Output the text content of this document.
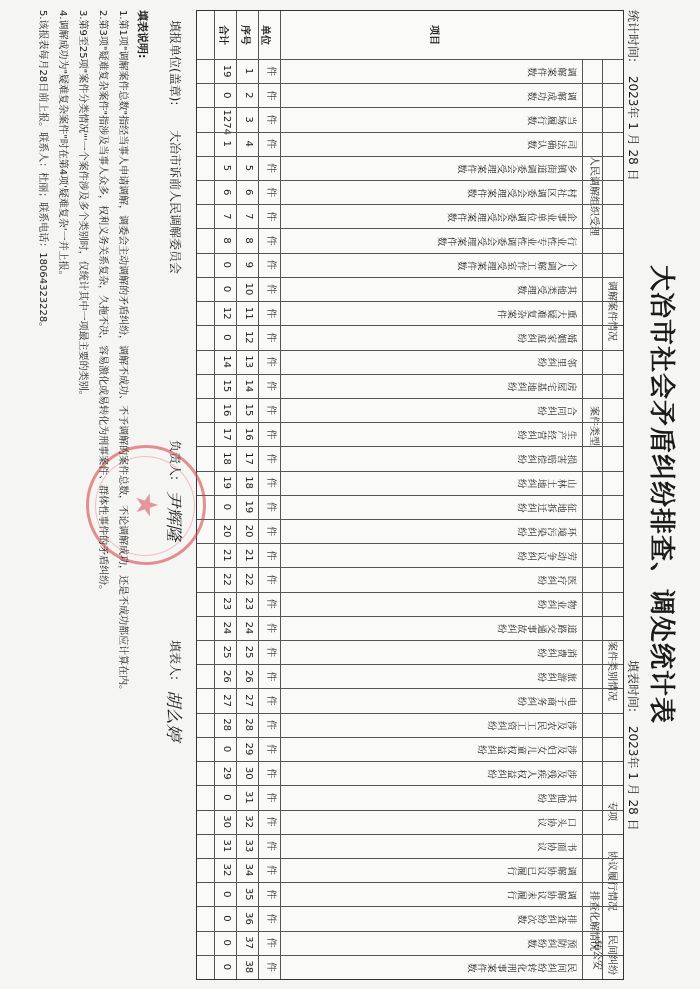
大冶市社会矛盾纠纷排查、调处统计表
统计时间: 2023年 1 月 28 日
填表时间: 2023年 1 月 28 日
调解案件情况
人民调解组织受理
案件类型
案件类别情况
专项
协议履行情况
排查化解情况
民间纠纷转公安
项目
单位
序号
合计
调解案件数
件
1
19
调解成功数
件
2
0
当场履行数
件
3
1274
司法确认数
件
4
1
乡镇街道调委会受理案件数
件
5
5
村社区调委会受理案件数
件
6
6
企事业单位调委会受理案件数
件
7
7
行业性专业性调委会受理案件数
件
8
8
个人调解工作室受理案件数
件
9
0
其他类受理数
件
10
0
重大疑难复杂案件
件
11
12
婚姻家庭纠纷
件
12
0
邻里纠纷
件
13
14
房屋宅基地纠纷
件
14
15
合同纠纷
件
15
16
生产经营纠纷
件
16
17
损害赔偿纠纷
件
17
18
山林土地纠纷
件
18
19
征地拆迁纠纷
件
19
0
环境污染纠纷
件
20
20
劳动争议纠纷
件
21
21
医疗纠纷
件
22
22
物业纠纷
件
23
23
道路交通事故纠纷
件
24
24
消费纠纷
件
25
25
旅游纠纷
件
26
26
电子商务纠纷
件
27
27
涉及农民工工资纠纷
件
28
28
涉及妇女儿童权益纠纷
件
29
0
涉及残疾人权益纠纷
件
30
29
其他纠纷
件
31
0
口头协议
件
32
30
书面协议
件
33
31
调解协议已履行
件
34
32
调解协议未履行
件
35
0
排查纠纷次数
件
36
0
预防纠纷数
件
37
0
民间纠纷转化刑事案件数
件
38
0
填报单位(盖章):
大冶市诉前人民调解委员会
负责人:
尹辉隆
填表人:
胡么婷
★
填表说明:
1.第1项"调解案件总数"指经当事人申请调解，调委会主动调解的矛盾纠纷，调解不成功、不予调解的案件总数，不论调解成功，还是不成功都应计算在内。
2.第3项"疑难复杂案件"指涉及当事人众多，权利义务关系复杂，久拖不决，容易激化或易转化为刑事案件、群体性事件的矛盾纠纷。
3.第9至25项"案件分类情况"'一个案件涉及多个类别时，仅统计其中一项最主要的类别。
4.调解成功为"疑难复杂案件"时在第4项'疑难复杂'一并上报。
5.该报表每月28日前上报。联系人：杜丽；联系电话：18064323228。
